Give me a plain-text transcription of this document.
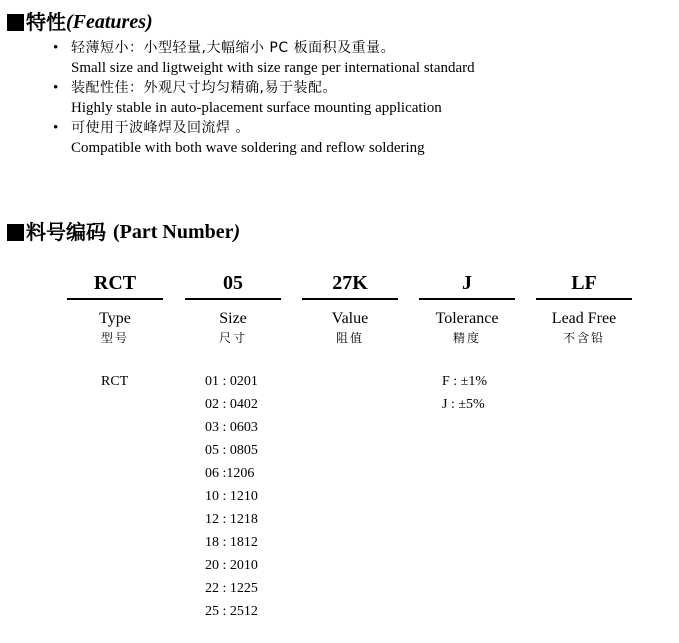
特性 (Features)
• 轻薄短小：小型轻量,大幅缩小 PC 板面积及重量。
Small size and ligtweight with size range per international standard
• 装配性佳：外观尺寸均匀精确,易于装配。
Highly stable in auto-placement surface mounting application
• 可使用于波峰焊及回流焊 。
Compatible with both wave soldering and reflow soldering
料号编码
(Part Number )
RCT
Type
型号
05
Size
尺寸
27K
Value
阻值
J
Tolerance
精度
LF
Lead Free
不含铅
RCT	01 : 0201
02 : 0402
03 : 0603
05 : 0805
06 :1206
10 : 1210
12 : 1218
18 : 1812
20 : 2010
22 : 1225
25 : 2512
F : ±1%
J : ±5%
